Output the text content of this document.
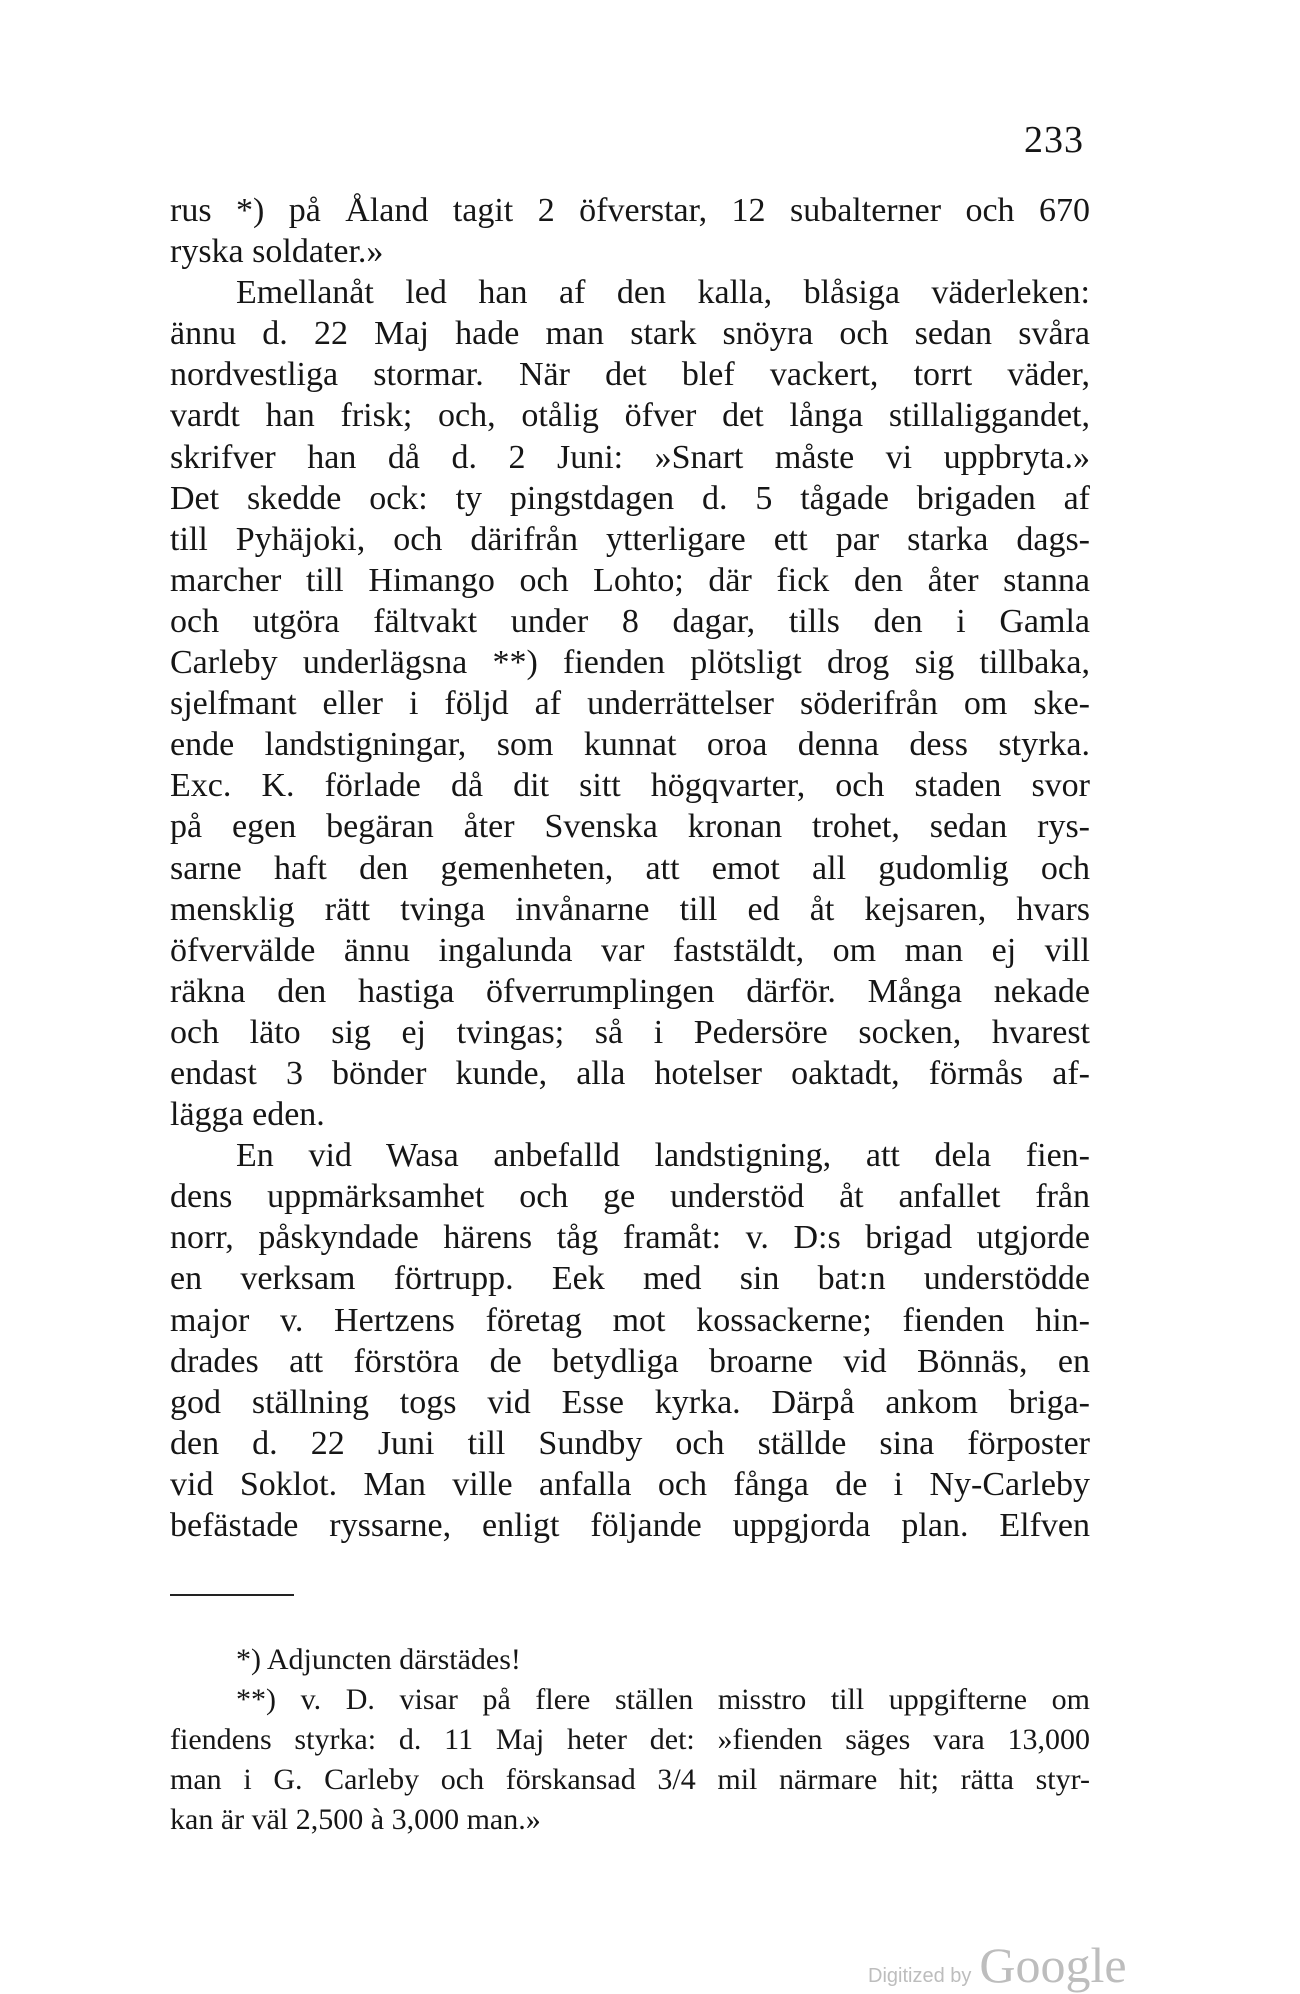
233
rus *) på Åland tagit 2 öfverstar, 12 subalterner och 670
ryska soldater.»
Emellanåt led han af den kalla, blåsiga väderleken:
ännu d. 22 Maj hade man stark snöyra och sedan svåra
nordvestliga stormar. När det blef vackert, torrt väder,
vardt han frisk; och, otålig öfver det långa stillaliggandet,
skrifver han då d. 2 Juni: »Snart måste vi uppbryta.»
Det skedde ock: ty pingstdagen d. 5 tågade brigaden af
till Pyhäjoki, och därifrån ytterligare ett par starka dags-
marcher till Himango och Lohto; där fick den åter stanna
och utgöra fältvakt under 8 dagar, tills den i Gamla
Carleby underlägsna **) fienden plötsligt drog sig tillbaka,
sjelfmant eller i följd af underrättelser söderifrån om ske-
ende landstigningar, som kunnat oroa denna dess styrka.
Exc. K. förlade då dit sitt högqvarter, och staden svor
på egen begäran åter Svenska kronan trohet, sedan rys-
sarne haft den gemenheten, att emot all gudomlig och
mensklig rätt tvinga invånarne till ed åt kejsaren, hvars
öfvervälde ännu ingalunda var faststäldt, om man ej vill
räkna den hastiga öfverrumplingen därför. Många nekade
och läto sig ej tvingas; så i Pedersöre socken, hvarest
endast 3 bönder kunde, alla hotelser oaktadt, förmås af-
lägga eden.
En vid Wasa anbefalld landstigning, att dela fien-
dens uppmärksamhet och ge understöd åt anfallet från
norr, påskyndade härens tåg framåt: v. D:s brigad utgjorde
en verksam förtrupp. Eek med sin bat:n understödde
major v. Hertzens företag mot kossackerne; fienden hin-
drades att förstöra de betydliga broarne vid Bönnäs, en
god ställning togs vid Esse kyrka. Därpå ankom briga-
den d. 22 Juni till Sundby och ställde sina förposter
vid Soklot. Man ville anfalla och fånga de i Ny-Carleby
befästade ryssarne, enligt följande uppgjorda plan. Elfven
*) Adjuncten därstädes!
**) v. D. visar på flere ställen misstro till uppgifterne om
fiendens styrka: d. 11 Maj heter det: »fienden säges vara 13,000
man i G. Carleby och förskansad 3/4 mil närmare hit; rätta styr-
kan är väl 2,500 à 3,000 man.»
Digitized by Google
